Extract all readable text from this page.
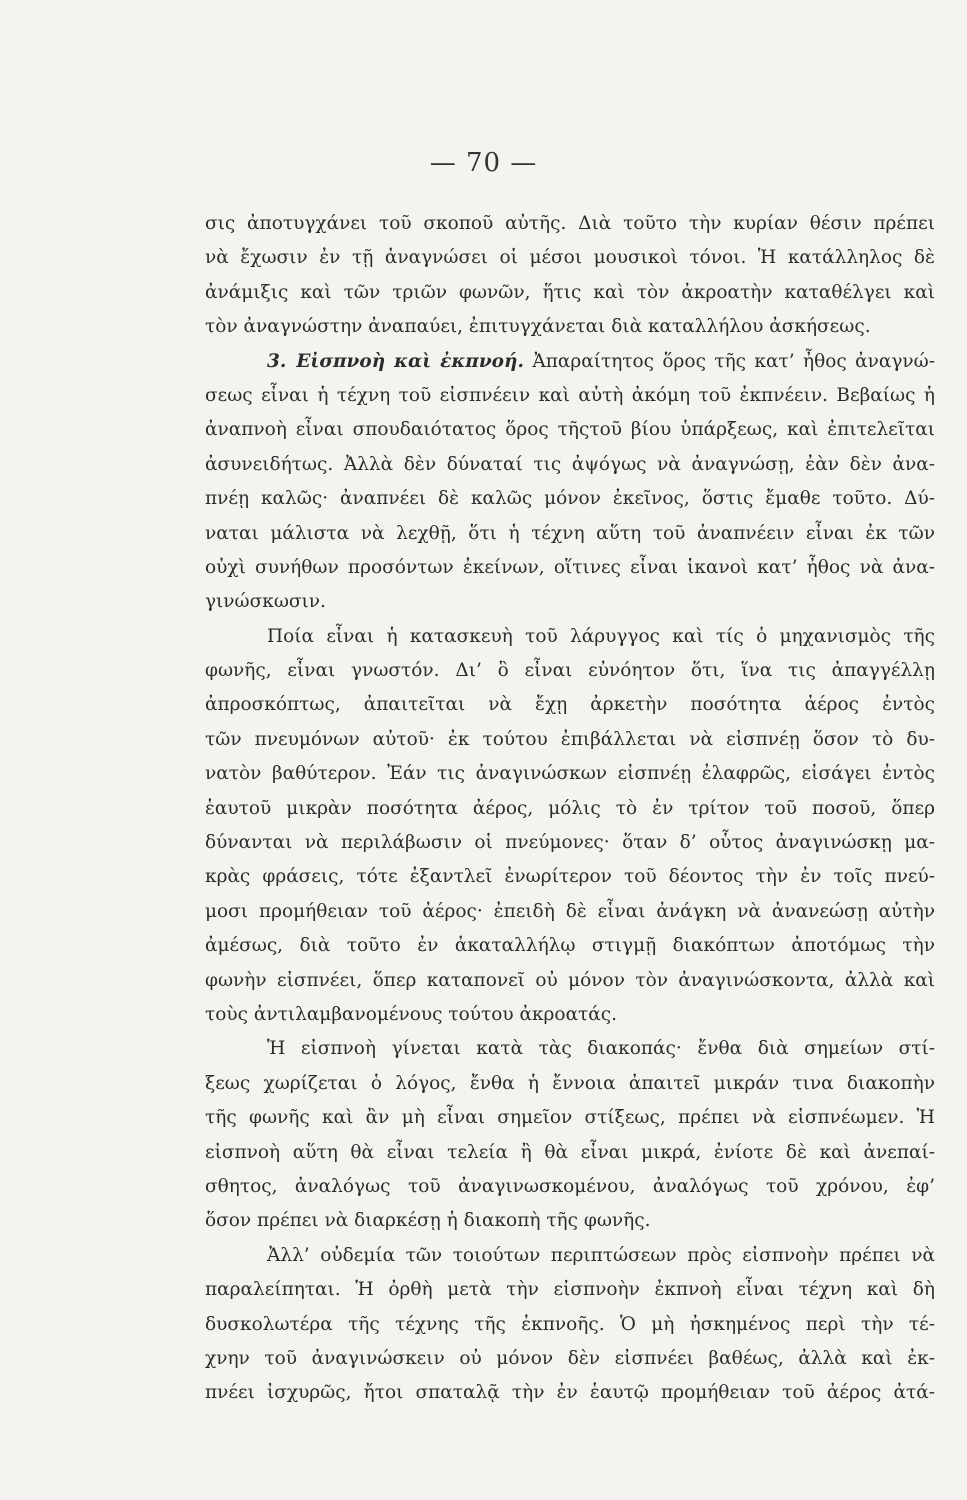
— 70 —
σις ἀποτυγχάνει τοῦ σκοποῦ αὐτῆς. Διὰ τοῦτο τὴν κυρίαν θέσιν πρέπει
νὰ ἔχωσιν ἐν τῇ ἀναγνώσει οἱ μέσοι μουσικοὶ τόνοι. Ἡ κατάλληλος δὲ
ἀνάμιξις καὶ τῶν τριῶν φωνῶν, ἥτις καὶ τὸν ἀκροατὴν καταθέλγει καὶ
τὸν ἀναγνώστην ἀναπαύει, ἐπιτυγχάνεται διὰ καταλλήλου ἀσκήσεως.
3. Εἰσπνοὴ καὶ ἐκπνοή. Ἀπαραίτητος ὅρος τῆς κατ’ ἦθος ἀναγνώ-
σεως εἶναι ἡ τέχνη τοῦ εἰσπνέειν καὶ αὐτὴ ἀκόμη τοῦ ἐκπνέειν. Βεβαίως ἡ
ἀναπνοὴ εἶναι σπουδαιότατος ὅρος τῆςτοῦ βίου ὑπάρξεως, καὶ ἐπιτελεῖται
ἀσυνειδήτως. Ἀλλὰ δὲν δύναταί τις ἀψόγως νὰ ἀναγνώσῃ, ἐὰν δὲν ἀνα-
πνέῃ καλῶς· ἀναπνέει δὲ καλῶς μόνον ἐκεῖνος, ὅστις ἔμαθε τοῦτο. Δύ-
ναται μάλιστα νὰ λεχθῇ, ὅτι ἡ τέχνη αὕτη τοῦ ἀναπνέειν εἶναι ἐκ τῶν
οὐχὶ συνήθων προσόντων ἐκείνων, οἵτινες εἶναι ἱκανοὶ κατ’ ἦθος νὰ ἀνα-
γινώσκωσιν.
Ποία εἶναι ἡ κατασκευὴ τοῦ λάρυγγος καὶ τίς ὁ μηχανισμὸς τῆς
φωνῆς, εἶναι γνωστόν. Δι’ ὃ εἶναι εὐνόητον ὅτι, ἵνα τις ἀπαγγέλλῃ
ἀπροσκόπτως, ἀπαιτεῖται νὰ ἔχῃ ἀρκετὴν ποσότητα ἀέρος ἐντὸς
τῶν πνευμόνων αὐτοῦ· ἐκ τούτου ἐπιβάλλεται νὰ εἰσπνέῃ ὅσον τὸ δυ-
νατὸν βαθύτερον. Ἐάν τις ἀναγινώσκων εἰσπνέῃ ἐλαφρῶς, εἰσάγει ἐντὸς
ἑαυτοῦ μικρὰν ποσότητα ἀέρος, μόλις τὸ ἐν τρίτον τοῦ ποσοῦ, ὅπερ
δύνανται νὰ περιλάβωσιν οἱ πνεύμονες· ὅταν δ’ οὗτος ἀναγινώσκῃ μα-
κρὰς φράσεις, τότε ἐξαντλεῖ ἐνωρίτερον τοῦ δέοντος τὴν ἐν τοῖς πνεύ-
μοσι προμήθειαν τοῦ ἀέρος· ἐπειδὴ δὲ εἶναι ἀνάγκη νὰ ἀνανεώσῃ αὐτὴν
ἀμέσως, διὰ τοῦτο ἐν ἀκαταλλήλῳ στιγμῇ διακόπτων ἀποτόμως τὴν
φωνὴν εἰσπνέει, ὅπερ καταπονεῖ οὐ μόνον τὸν ἀναγινώσκοντα, ἀλλὰ καὶ
τοὺς ἀντιλαμβανομένους τούτου ἀκροατάς.
Ἡ εἰσπνοὴ γίνεται κατὰ τὰς διακοπάς· ἔνθα διὰ σημείων στί-
ξεως χωρίζεται ὁ λόγος, ἔνθα ἡ ἔννοια ἀπαιτεῖ μικράν τινα διακοπὴν
τῆς φωνῆς καὶ ἂν μὴ εἶναι σημεῖον στίξεως, πρέπει νὰ εἰσπνέωμεν. Ἡ
εἰσπνοὴ αὕτη θὰ εἶναι τελεία ἢ θὰ εἶναι μικρά, ἐνίοτε δὲ καὶ ἀνεπαί-
σθητος, ἀναλόγως τοῦ ἀναγινωσκομένου, ἀναλόγως τοῦ χρόνου, ἐφ’
ὅσον πρέπει νὰ διαρκέσῃ ἡ διακοπὴ τῆς φωνῆς.
Ἀλλ’ οὐδεμία τῶν τοιούτων περιπτώσεων πρὸς εἰσπνοὴν πρέπει νὰ
παραλείπηται. Ἡ ὀρθὴ μετὰ τὴν εἰσπνοὴν ἐκπνοὴ εἶναι τέχνη καὶ δὴ
δυσκολωτέρα τῆς τέχνης τῆς ἐκπνοῆς. Ὁ μὴ ἠσκημένος περὶ τὴν τέ-
χνην τοῦ ἀναγινώσκειν οὐ μόνον δὲν εἰσπνέει βαθέως, ἀλλὰ καὶ ἐκ-
πνέει ἰσχυρῶς, ἤτοι σπαταλᾷ τὴν ἐν ἑαυτῷ προμήθειαν τοῦ ἀέρος ἀτά-
